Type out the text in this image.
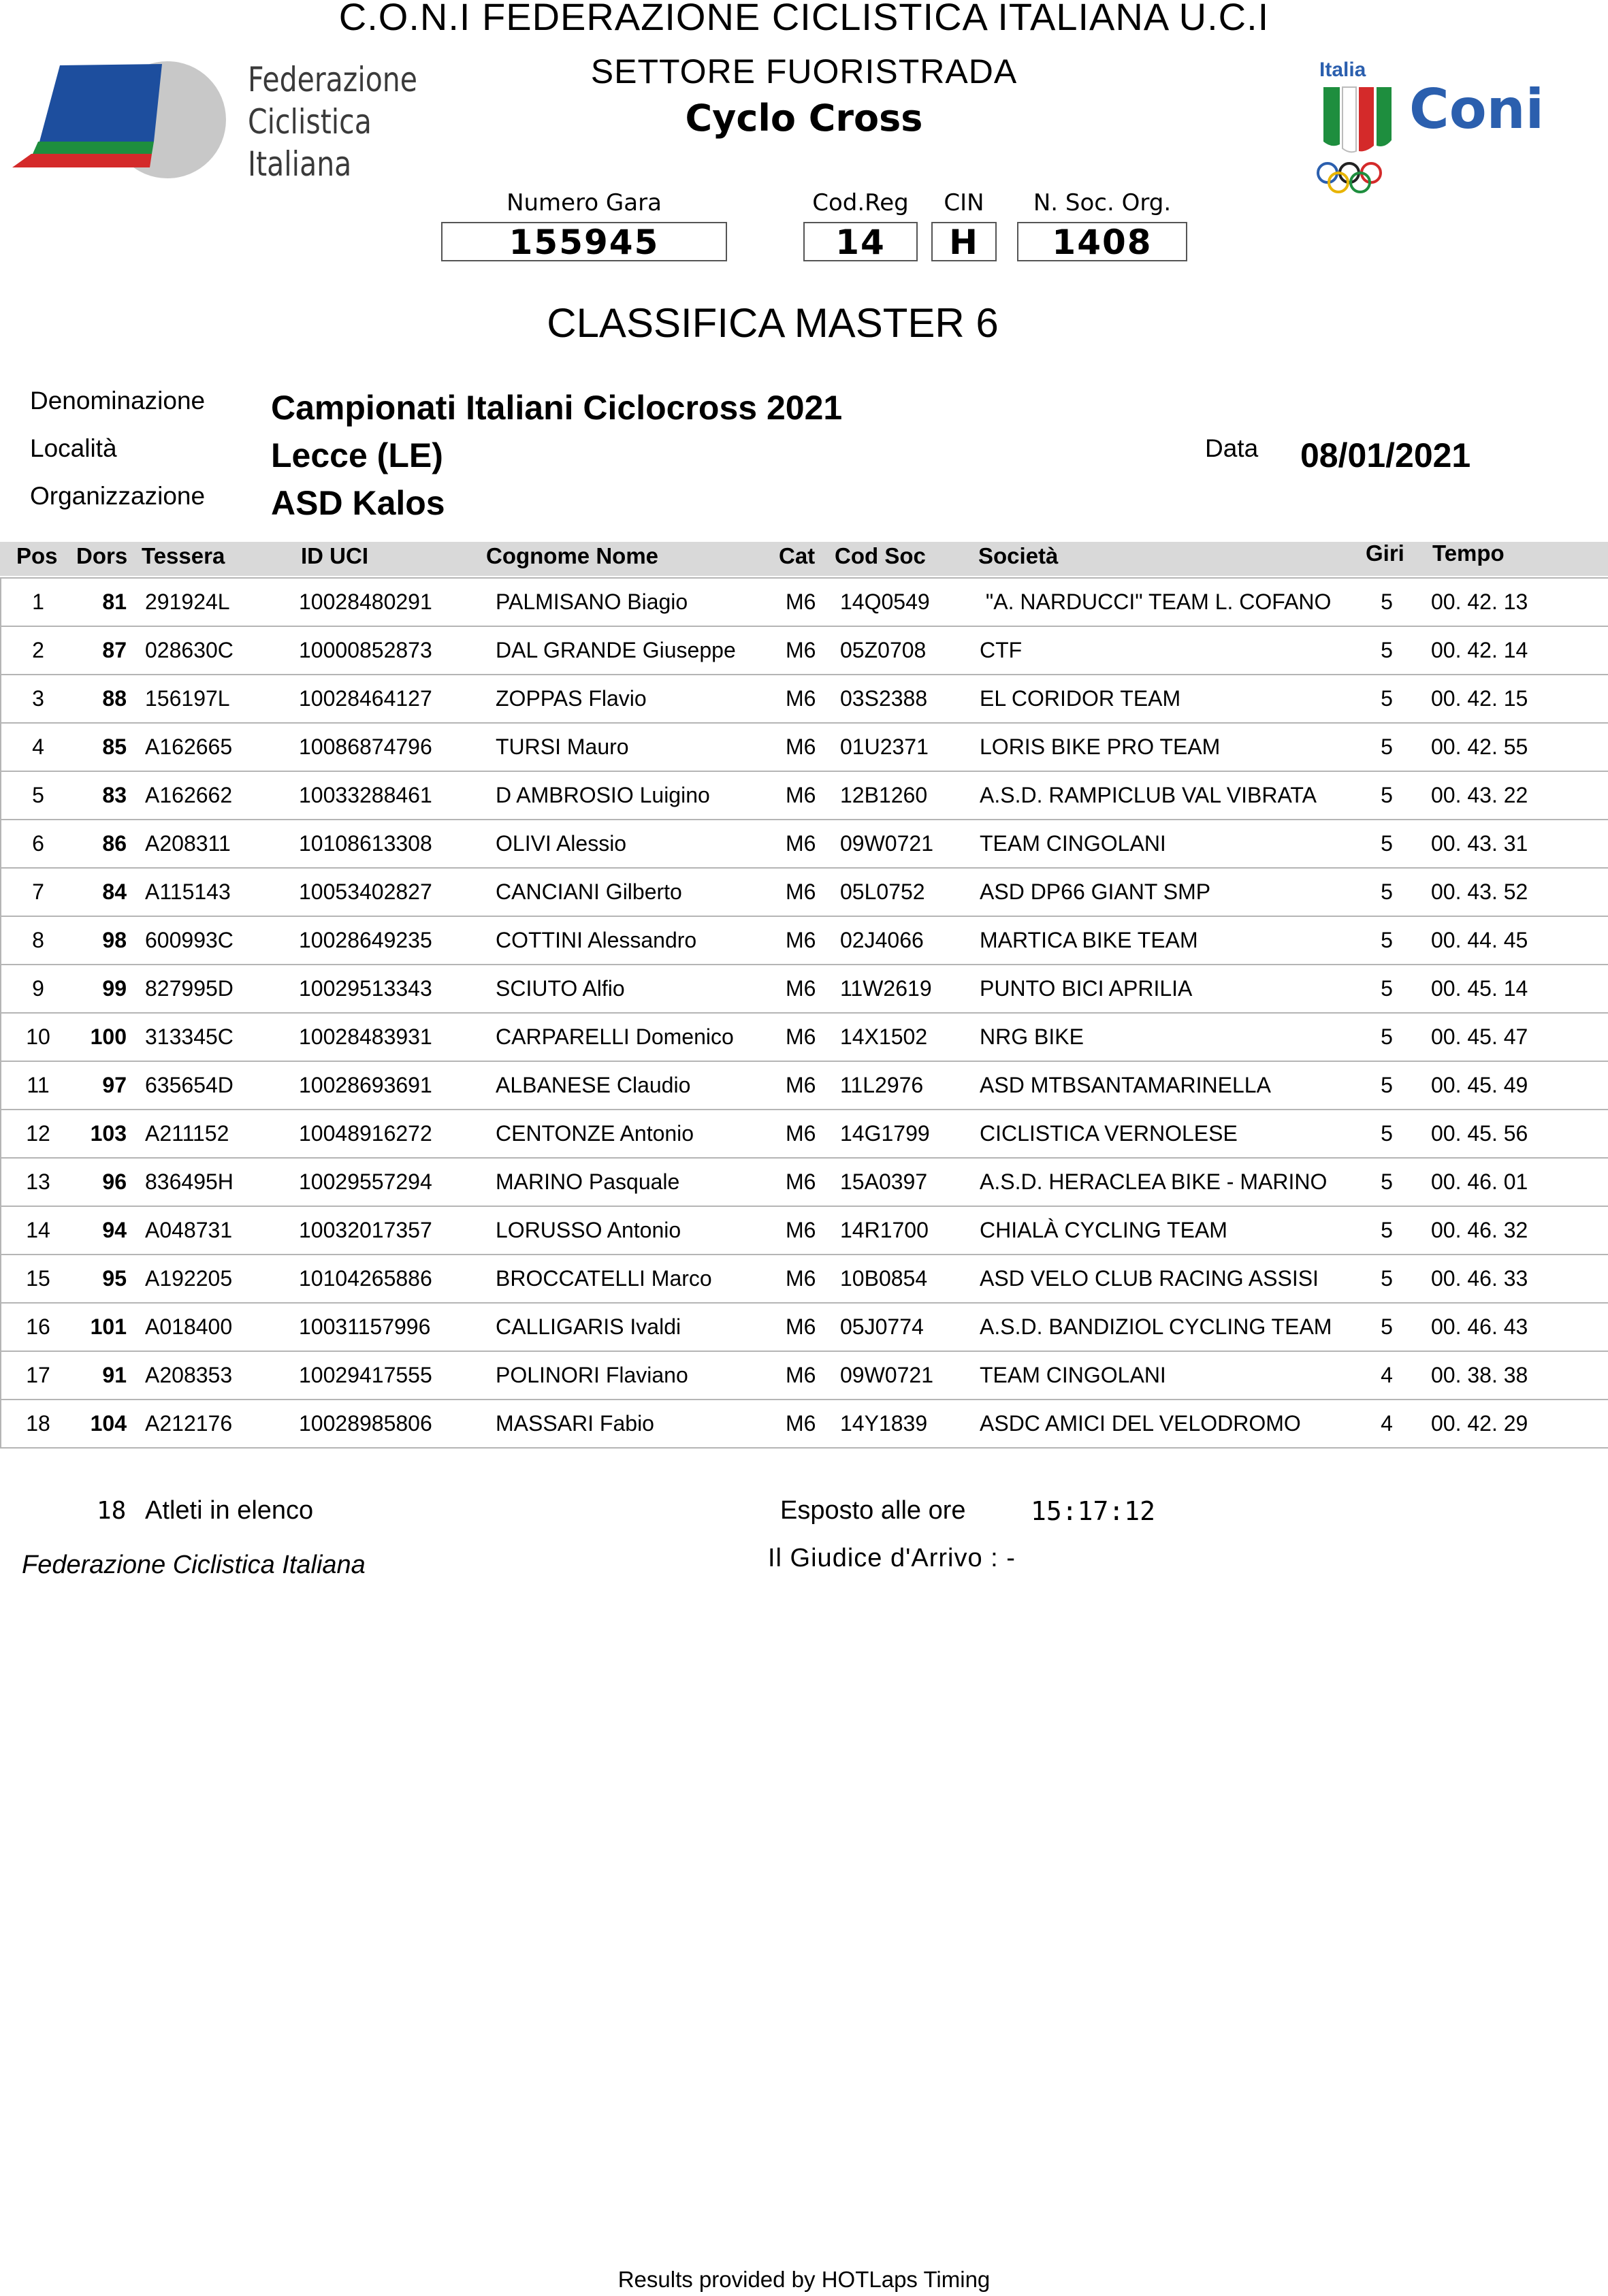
C.O.N.I FEDERAZIONE CICLISTICA ITALIANA U.C.I
SETTORE FUORISTRADA
Cyclo Cross
Federazione
Ciclistica
Italiana
Italia
Coni
Numero Gara
155945
Cod.Reg
14
CIN
H
N. Soc. Org.
1408
CLASSIFICA MASTER 6
Denominazione Campionati Italiani Ciclocross 2021
Località	Lecce (LE)
Organizzazione ASD Kalos
Data 08/01/2021
Pos Dors Tessera	ID UCI	Cognome Nome	Cat Cod Soc Società	Giri Tempo
1	81 291924L	10028480291	PALMISANO Biagio	M6 14Q0549 "A. NARDUCCI" TEAM L. COFANO	5	00. 42. 13
2	87 028630C	10000852873	DAL GRANDE Giuseppe M6 05Z0708 CTF	5	00. 42. 14
3	88 156197L	10028464127	ZOPPAS Flavio	M6 03S2388 EL CORIDOR TEAM	5	00. 42. 15
4	85 A162665	10086874796	TURSI Mauro	M6 01U2371 LORIS BIKE PRO TEAM	5	00. 42. 55
5	83 A162662	10033288461	D AMBROSIO Luigino	M6 12B1260 A.S.D. RAMPICLUB VAL VIBRATA	5	00. 43. 22
6	86 A208311	10108613308	OLIVI Alessio	M6 09W0721 TEAM CINGOLANI	5	00. 43. 31
7	84 A115143	10053402827	CANCIANI Gilberto	M6 05L0752	ASD DP66 GIANT SMP	5	00. 43. 52
8	98 600993C	10028649235	COTTINI Alessandro	M6 02J4066	MARTICA BIKE TEAM	5	00. 44. 45
9	99 827995D	10029513343	SCIUTO Alfio	M6 11W2619 PUNTO BICI APRILIA	5	00. 45. 14
10	100 313345C	10028483931	CARPARELLI Domenico M6 14X1502 NRG BIKE	5	00. 45. 47
11	97 635654D	10028693691	ALBANESE Claudio	M6 11L2976	ASD MTBSANTAMARINELLA	5	00. 45. 49
12	103 A211152	10048916272	CENTONZE Antonio	M6 14G1799 CICLISTICA VERNOLESE	5	00. 45. 56
13	96 836495H	10029557294	MARINO Pasquale	M6 15A0397 A.S.D. HERACLEA BIKE - MARINO	5	00. 46. 01
14	94 A048731	10032017357	LORUSSO Antonio	M6 14R1700 CHIALÀ CYCLING TEAM	5	00. 46. 32
15	95 A192205	10104265886	BROCCATELLI Marco	M6 10B0854 ASD VELO CLUB RACING ASSISI	5	00. 46. 33
16	101 A018400	10031157996	CALLIGARIS Ivaldi	M6 05J0774	A.S.D. BANDIZIOL CYCLING TEAM	5	00. 46. 43
17	91 A208353	10029417555	POLINORI Flaviano	M6 09W0721 TEAM CINGOLANI	4	00. 38. 38
18	104 A212176	10028985806	MASSARI Fabio	M6 14Y1839 ASDC AMICI DEL VELODROMO	4	00. 42. 29
18 Atleti in elenco	Esposto alle ore	15:17:12
Federazione Ciclistica Italiana	Il Giudice d'Arrivo : -
Results provided by HOTLaps Timing
